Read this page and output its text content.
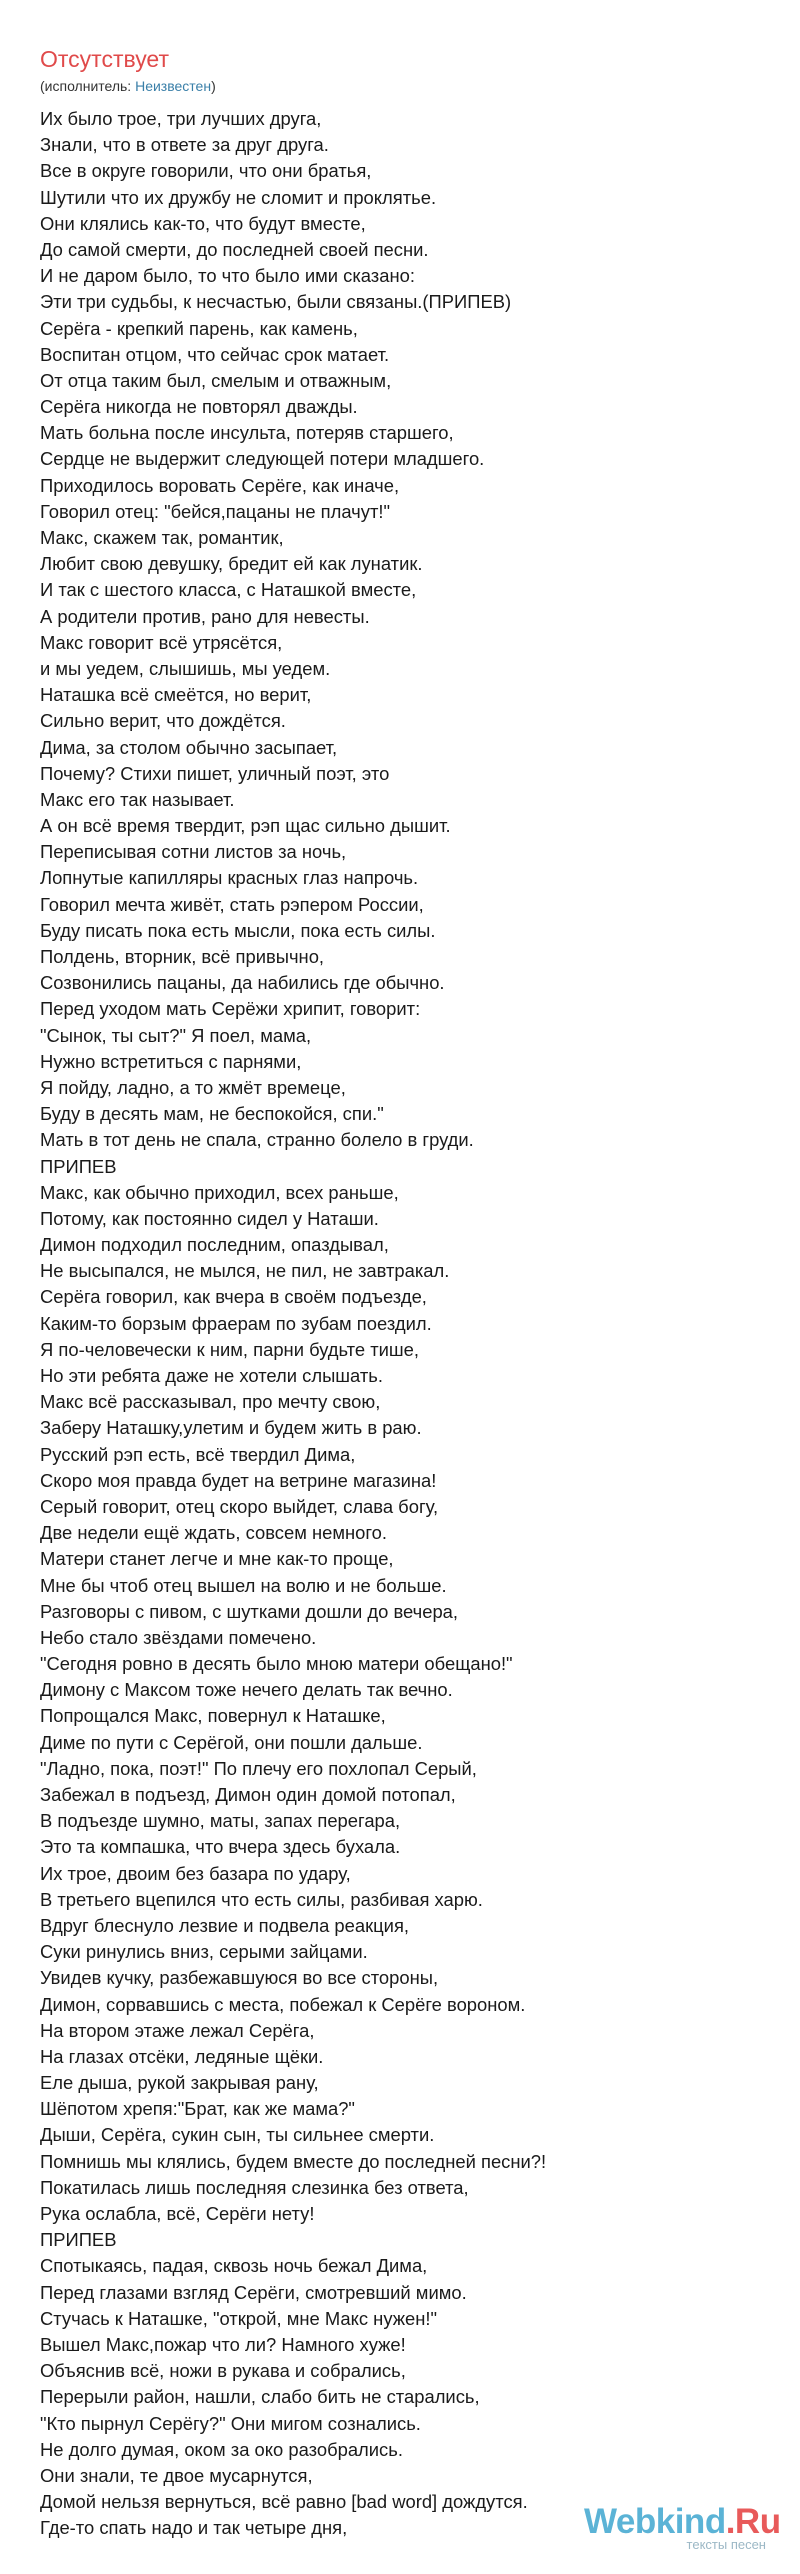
Отсутствует
(исполнитель: Неизвестен)
Их было трое, три лучших друга,
Знали, что в ответе за друг друга.
Все в округе говорили, что они братья,
Шутили что их дружбу не сломит и проклятье.
Они клялись как-то, что будут вместе,
До самой смерти, до последней своей песни.
И не даром было, то что было ими сказано:
Эти три судьбы, к несчастью, были связаны.(ПРИПЕВ)
Серёга - крепкий парень, как камень,
Воспитан отцом, что сейчас срок матает.
От отца таким был, смелым и отважным,
Серёга никогда не повторял дважды.
Мать больна после инсульта, потеряв старшего,
Сердце не выдержит следующей потери младшего.
Приходилось воровать Серёге, как иначе,
Говорил отец: "бейся,пацаны не плачут!"
Макс, скажем так, романтик,
Любит свою девушку, бредит ей как лунатик.
И так с шестого класса, с Наташкой вместе,
А родители против, рано для невесты.
Макс говорит всё утрясётся,
и мы уедем, слышишь, мы уедем.
Наташка всё смеётся, но верит,
Сильно верит, что дождётся.
Дима, за столом обычно засыпает,
Почему? Стихи пишет, уличный поэт, это
Макс его так называет.
А он всё время твердит, рэп щас сильно дышит.
Переписывая сотни листов за ночь,
Лопнутые капилляры красных глаз напрочь.
Говорил мечта живёт, стать рэпером России,
Буду писать пока есть мысли, пока есть силы.
Полдень, вторник, всё привычно,
Созвонились пацаны, да набились где обычно.
Перед уходом мать Серёжи хрипит, говорит:
"Сынок, ты сыт?" Я поел, мама,
Нужно встретиться с парнями,
Я пойду, ладно, а то жмёт времеце,
Буду в десять мам, не беспокойся, спи."
Мать в тот день не спала, странно болело в груди.
ПРИПЕВ
Макс, как обычно приходил, всех раньше,
Потому, как постоянно сидел у Наташи.
Димон подходил последним, опаздывал,
Не высыпался, не мылся, не пил, не завтракал.
Серёга говорил, как вчера в своём подъезде,
Каким-то борзым фраерам по зубам поездил.
Я по-человечески к ним, парни будьте тише,
Но эти ребята даже не хотели слышать.
Макс всё рассказывал, про мечту свою,
Заберу Наташку,улетим и будем жить в раю.
Русский рэп есть, всё твердил Дима,
Скоро моя правда будет на ветрине магазина!
Серый говорит, отец скоро выйдет, слава богу,
Две недели ещё ждать, совсем немного.
Матери станет легче и мне как-то проще,
Мне бы чтоб отец вышел на волю и не больше.
Разговоры с пивом, с шутками дошли до вечера,
Небо стало звёздами помечено.
"Сегодня ровно в десять было мною матери обещано!"
Димону с Максом тоже нечего делать так вечно.
Попрощался Макс, повернул к Наташке,
Диме по пути с Серёгой, они пошли дальше.
"Ладно, пока, поэт!" По плечу его похлопал Серый,
Забежал в подъезд, Димон один домой потопал,
В подъезде шумно, маты, запах перегара,
Это та компашка, что вчера здесь бухала.
Их трое, двоим без базара по удару,
В третьего вцепился что есть силы, разбивая харю.
Вдруг блеснуло лезвие и подвела реакция,
Суки ринулись вниз, серыми зайцами.
Увидев кучку, разбежавшуюся во все стороны,
Димон, сорвавшись с места, побежал к Серёге вороном.
На втором этаже лежал Серёга,
На глазах отсёки, ледяные щёки.
Еле дыша, рукой закрывая рану,
Шёпотом хрепя:"Брат, как же мама?"
Дыши, Серёга, сукин сын, ты сильнее смерти.
Помнишь мы клялись, будем вместе до последней песни?!
Покатилась лишь последняя слезинка без ответа,
Рука ослабла, всё, Серёги нету!
ПРИПЕВ
Спотыкаясь, падая, сквозь ночь бежал Дима,
Перед глазами взгляд Серёги, смотревший мимо.
Стучась к Наташке, "открой, мне Макс нужен!"
Вышел Макс,пожар что ли? Намного хуже!
Объяснив всё, ножи в рукава и собрались,
Перерыли район, нашли, слабо бить не старались,
"Кто пырнул Серёгу?" Они мигом сознались.
Не долго думая, оком за око разобрались.
Они знали, те двое мусарнутся,
Домой нельзя вернуться, всё равно [bad word] дождутся.
Где-то спать надо и так четыре дня,	Webkind.Ru
тексты песен
